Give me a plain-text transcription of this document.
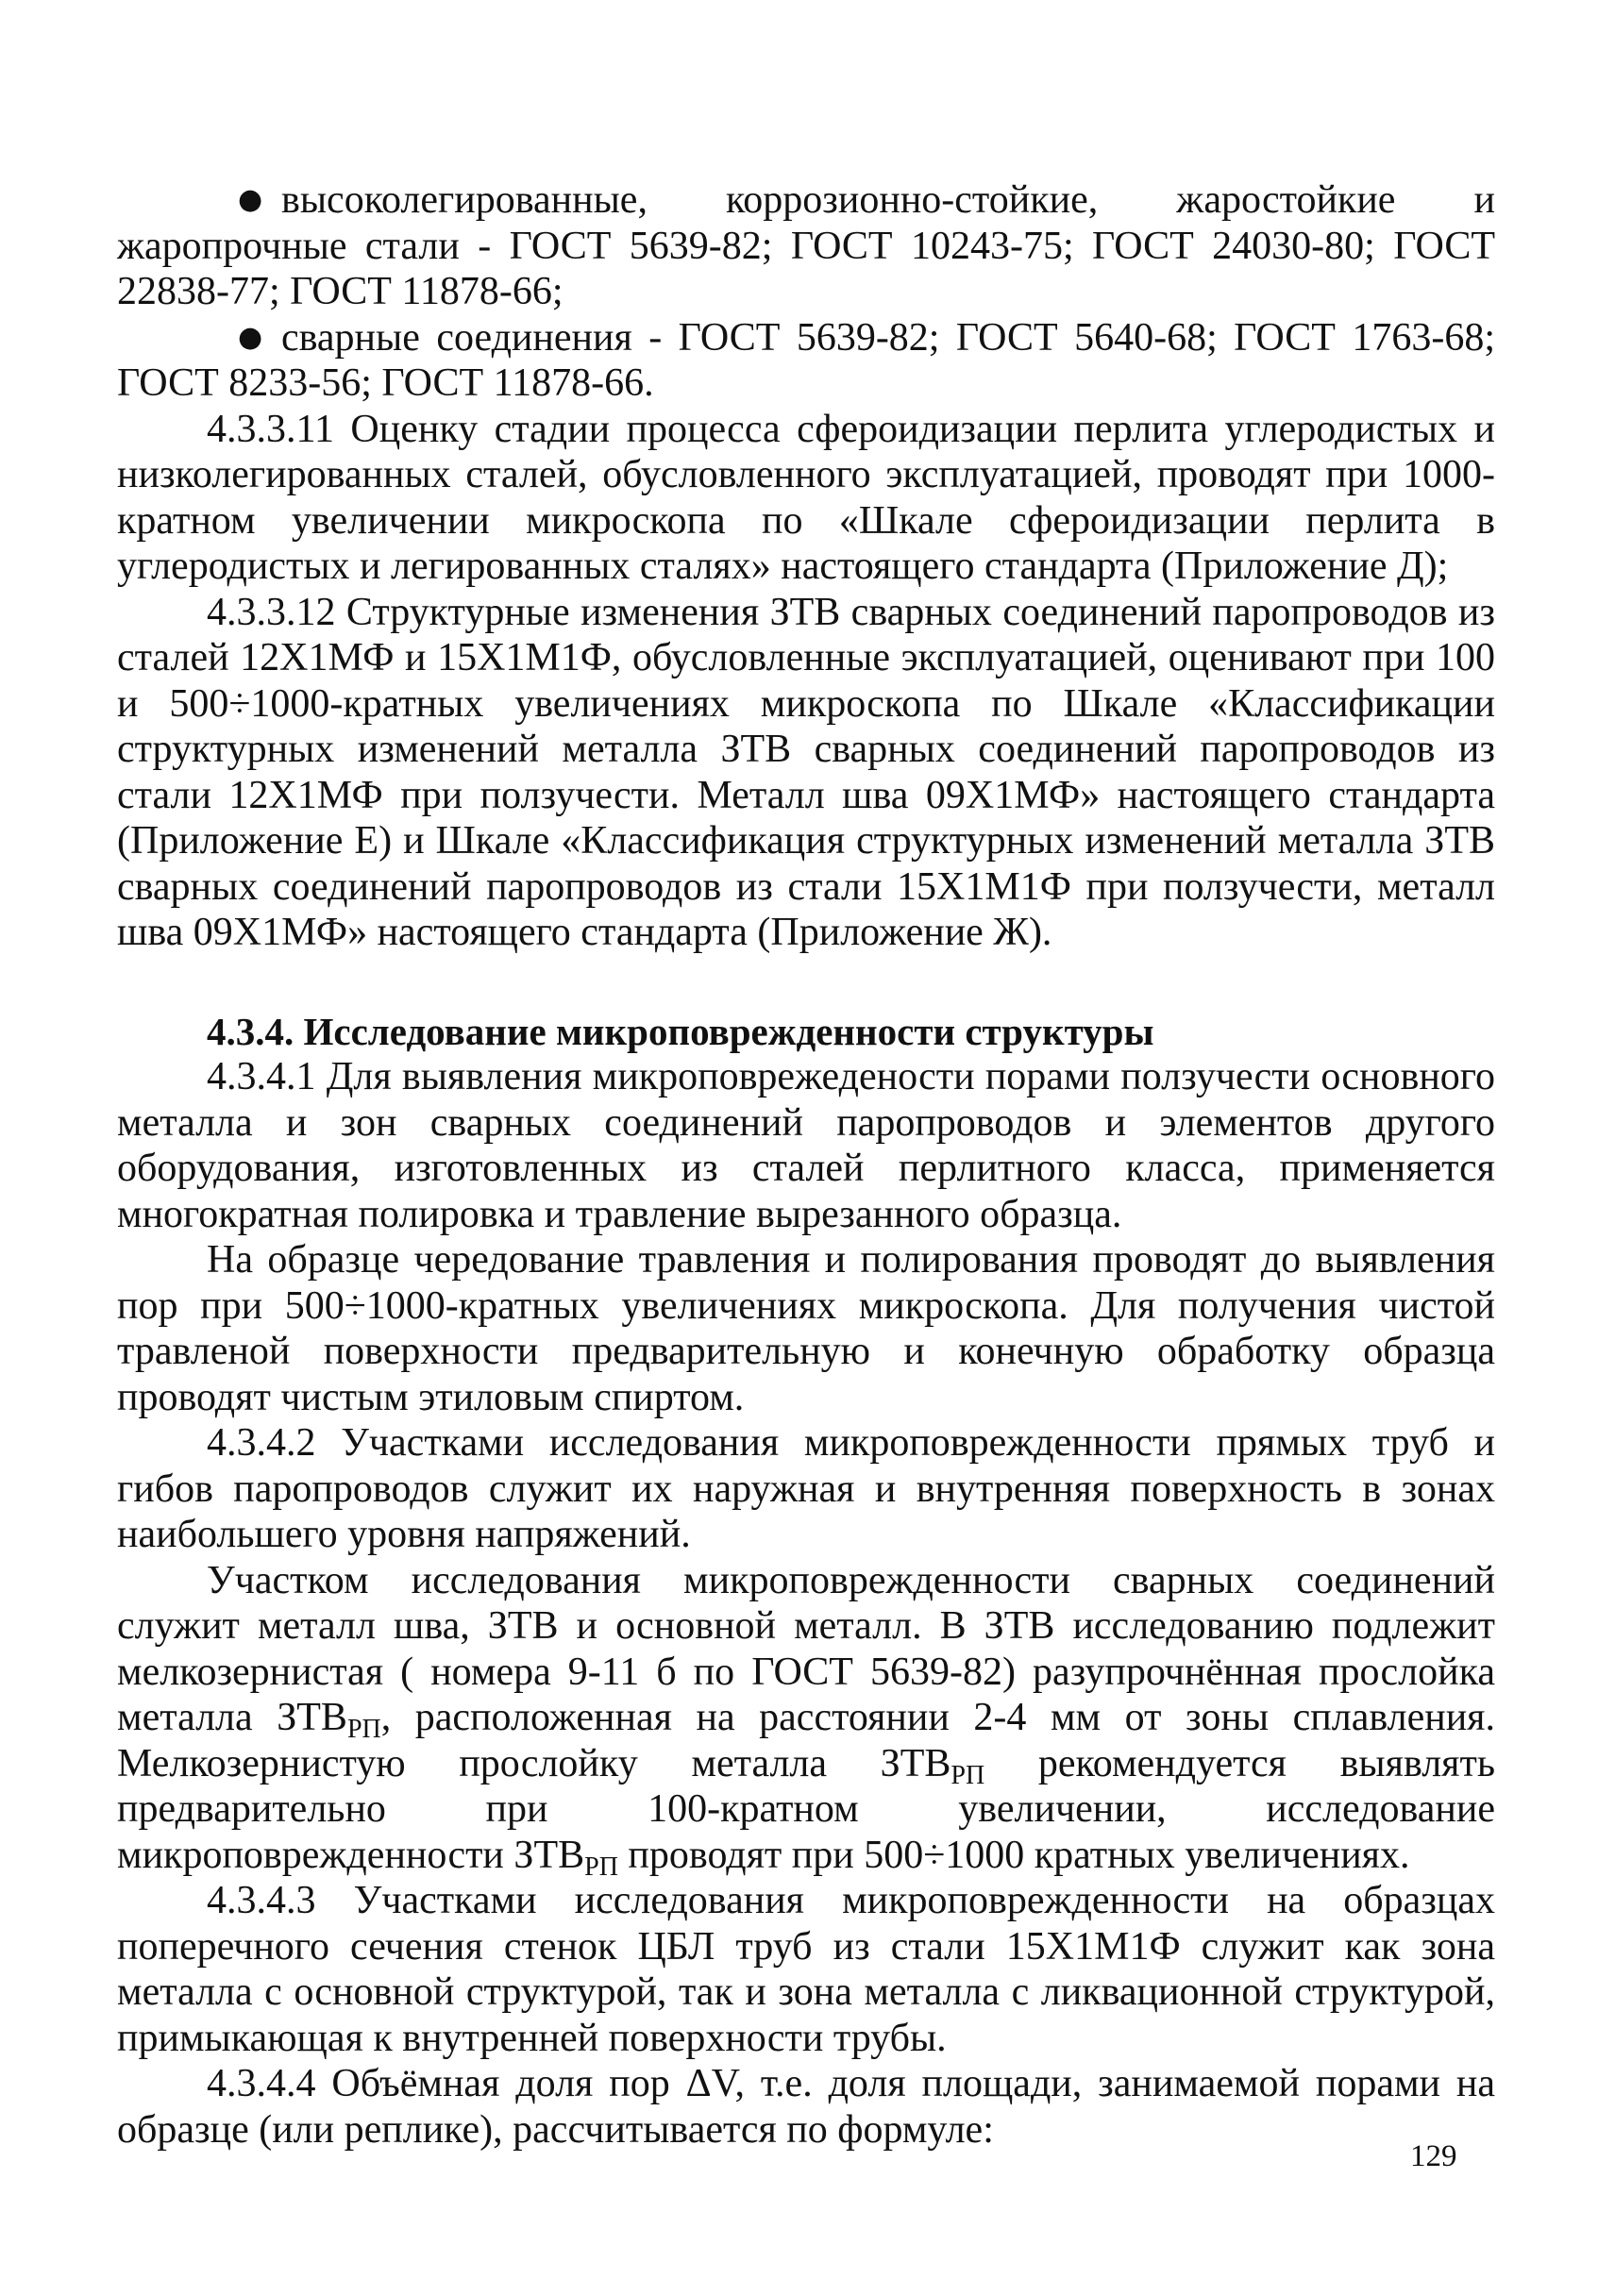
● высоколегированные, коррозионно-стойкие, жаростойкие и жаропрочные стали - ГОСТ 5639-82; ГОСТ 10243-75; ГОСТ 24030-80; ГОСТ 22838-77; ГОСТ 11878-66;
● сварные соединения - ГОСТ 5639-82; ГОСТ 5640-68; ГОСТ 1763-68; ГОСТ 8233-56; ГОСТ 11878-66.

4.3.3.11 Оценку стадии процесса сфероидизации перлита углеродистых и низколегированных сталей, обусловленного эксплуатацией, проводят при 1000-кратном увеличении микроскопа по «Шкале сфероидизации перлита в углеродистых и легированных сталях» настоящего стандарта (Приложение Д);

4.3.3.12 Структурные изменения ЗТВ сварных соединений паропроводов из сталей 12Х1МФ и 15Х1М1Ф, обусловленные эксплуатацией, оценивают при 100 и 500÷1000-кратных увеличениях микроскопа по Шкале «Классификации структурных изменений металла ЗТВ сварных соединений паропроводов из стали 12Х1МФ при ползучести. Металл шва 09Х1МФ» настоящего стандарта (Приложение Е) и Шкале «Классификация структурных изменений металла ЗТВ сварных соединений паропроводов из стали 15Х1М1Ф при ползучести, металл шва 09Х1МФ» настоящего стандарта (Приложение Ж).

4.3.4. Исследование микроповрежденности структуры

4.3.4.1 Для выявления микроповрежедености порами ползучести основного металла и зон сварных соединений паропроводов и элементов другого оборудования, изготовленных из сталей перлитного класса, применяется многократная полировка и травление вырезанного образца.

На образце чередование травления и полирования проводят до выявления пор при 500÷1000-кратных увеличениях микроскопа. Для получения чистой травленой поверхности предварительную и конечную обработку образца проводят чистым этиловым спиртом.

4.3.4.2 Участками исследования микроповрежденности прямых труб и гибов паропроводов служит их наружная и внутренняя поверхность в зонах наибольшего уровня напряжений.

Участком исследования микроповрежденности сварных соединений служит металл шва, ЗТВ и основной металл. В ЗТВ исследованию подлежит мелкозернистая ( номера 9-11 б по ГОСТ 5639-82) разупрочнённая прослойка металла $ЗТВ_{РП}$, расположенная на расстоянии 2-4 мм от зоны сплавления. Мелкозернистую прослойку металла $ЗТВ_{РП}$ рекомендуется выявлять предварительно при 100-кратном увеличении, исследование микроповрежденности $ЗТВ_{РП}$ проводят при 500÷1000 кратных увеличениях.

4.3.4.3 Участками исследования микроповрежденности на образцах поперечного сечения стенок ЦБЛ труб из стали 15Х1М1Ф служит как зона металла с основной структурой, так и зона металла с ликвационной структурой, примыкающая к внутренней поверхности трубы.

4.3.4.4 Объёмная доля пор ΔV, т.е. доля площади, занимаемой порами на образце (или реплике), рассчитывается по формуле:

129
